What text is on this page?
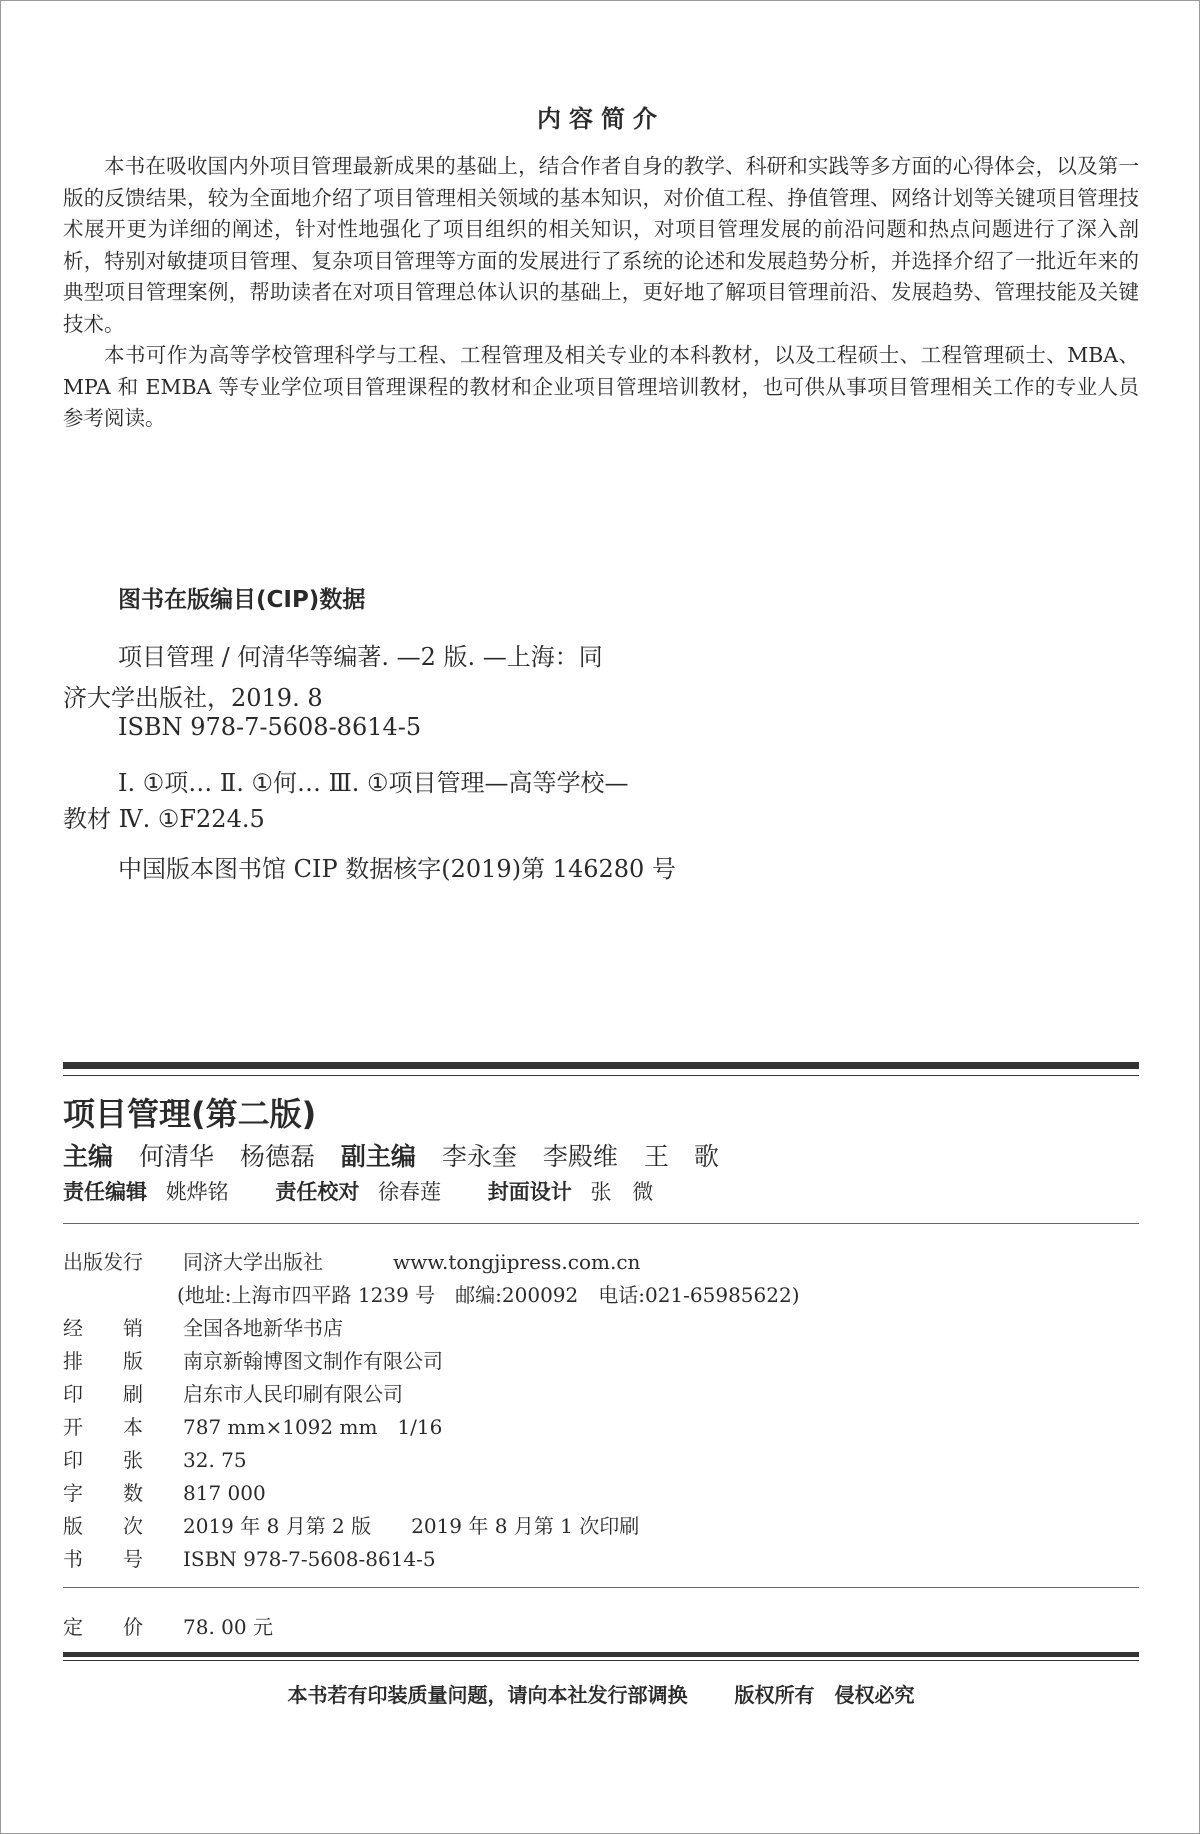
内容简介

本书在吸收国内外项目管理最新成果的基础上，结合作者自身的教学、科研和实践等多方面的心得体会，以及第一版的反馈结果，较为全面地介绍了项目管理相关领域的基本知识，对价值工程、挣值管理、网络计划等关键项目管理技术展开更为详细的阐述，针对性地强化了项目组织的相关知识，对项目管理发展的前沿问题和热点问题进行了深入剖析，特别对敏捷项目管理、复杂项目管理等方面的发展进行了系统的论述和发展趋势分析，并选择介绍了一批近年来的典型项目管理案例，帮助读者在对项目管理总体认识的基础上，更好地了解项目管理前沿、发展趋势、管理技能及关键技术。

本书可作为高等学校管理科学与工程、工程管理及相关专业的本科教材，以及工程硕士、工程管理硕士、MBA、MPA 和 EMBA 等专业学位项目管理课程的教材和企业项目管理培训教材，也可供从事项目管理相关工作的专业人员参考阅读。

图书在版编目(CIP)数据
项目管理 / 何清华等编著. —2 版. —上海：同
济大学出版社，2019. 8
ISBN 978-7-5608-8614-5
Ⅰ. ①项… Ⅱ. ①何… Ⅲ. ①项目管理—高等学校—
教材 Ⅳ. ①F224.5
中国版本图书馆 CIP 数据核字(2019)第 146280 号
项目管理(第二版)
主编 何清华 杨德磊 副主编 李永奎 李殿维 王　歌
责任编辑 姚烨铭 责任校对 徐春莲 封面设计 张　微
出版发行 同济大学出版社	www.tongjipress.com.cn
(地址:上海市四平路 1239 号　邮编:200092　电话:021-65985622)
经 销 全国各地新华书店
排 版 南京新翰博图文制作有限公司
印 刷 启东市人民印刷有限公司
开 本 787 mm×1092 mm　1/16
印 张 32. 75
字 数 817 000
版 次 2019 年 8 月第 2 版　　2019 年 8 月第 1 次印刷
书 号 ISBN 978-7-5608-8614-5
定 价 78. 00 元
本书若有印装质量问题，请向本社发行部调换 版权所有 侵权必究
